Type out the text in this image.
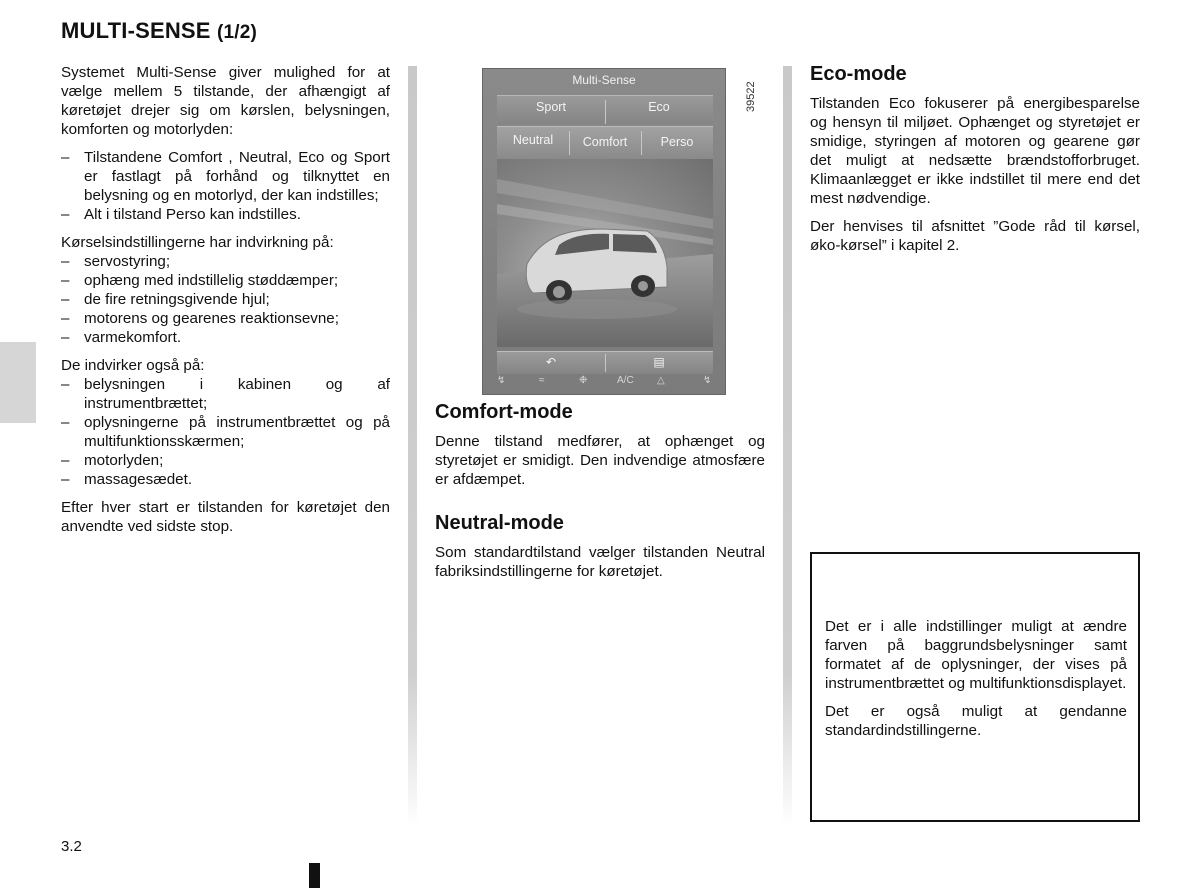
MULTI-SENSE (1/2)

Systemet Multi-Sense giver mulighed for at vælge mellem 5 tilstande, der afhængigt af køretøjet drejer sig om kørslen, belysningen, komforten og motorlyden:

– Tilstandene Comfort , Neutral, Eco og Sport er fastlagt på forhånd og tilknyttet en belysning og en motorlyd, der kan indstilles;
– Alt i tilstand Perso kan indstilles.
Kørselsindstillingerne har indvirkning på:
– servostyring;
– ophæng med indstillelig støddæmper;
– de fire retningsgivende hjul;
– motorens og gearenes reaktionsevne;
– varmekomfort.
De indvirker også på:
– belysningen i kabinen og af instrumentbrættet;
– oplysningerne på instrumentbrættet og på multifunktionsskærmen;
– motorlyden;
– massagesædet.

Efter hver start er tilstanden for køretøjet den anvendte ved sidste stop.

Multi-Sense
Sport	Eco
Neutral	Comfort	Perso
↶	▤
↯	≈	❉	A/C △	↯
39522
Comfort-mode

Denne tilstand medfører, at ophænget og styretøjet er smidigt. Den indvendige atmosfære er afdæmpet.

Neutral-mode

Som standardtilstand vælger tilstanden Neutral fabriksindstillingerne for køretøjet.

Eco-mode

Tilstanden Eco fokuserer på energibesparelse og hensyn til miljøet. Ophænget og styretøjet er smidige, styringen af motoren og gearene gør det muligt at nedsætte brændstofforbruget. Klimaanlægget er ikke indstillet til mere end det mest nødvendige.

Der henvises til afsnittet ”Gode råd til kørsel, øko-kørsel” i kapitel 2.

Det er i alle indstillinger muligt at ændre farven på baggrundsbelysninger samt formatet af de oplysninger, der vises på instrumentbrættet og multifunktionsdisplayet.

Det er også muligt at gendanne standardindstillingerne.

3.2
